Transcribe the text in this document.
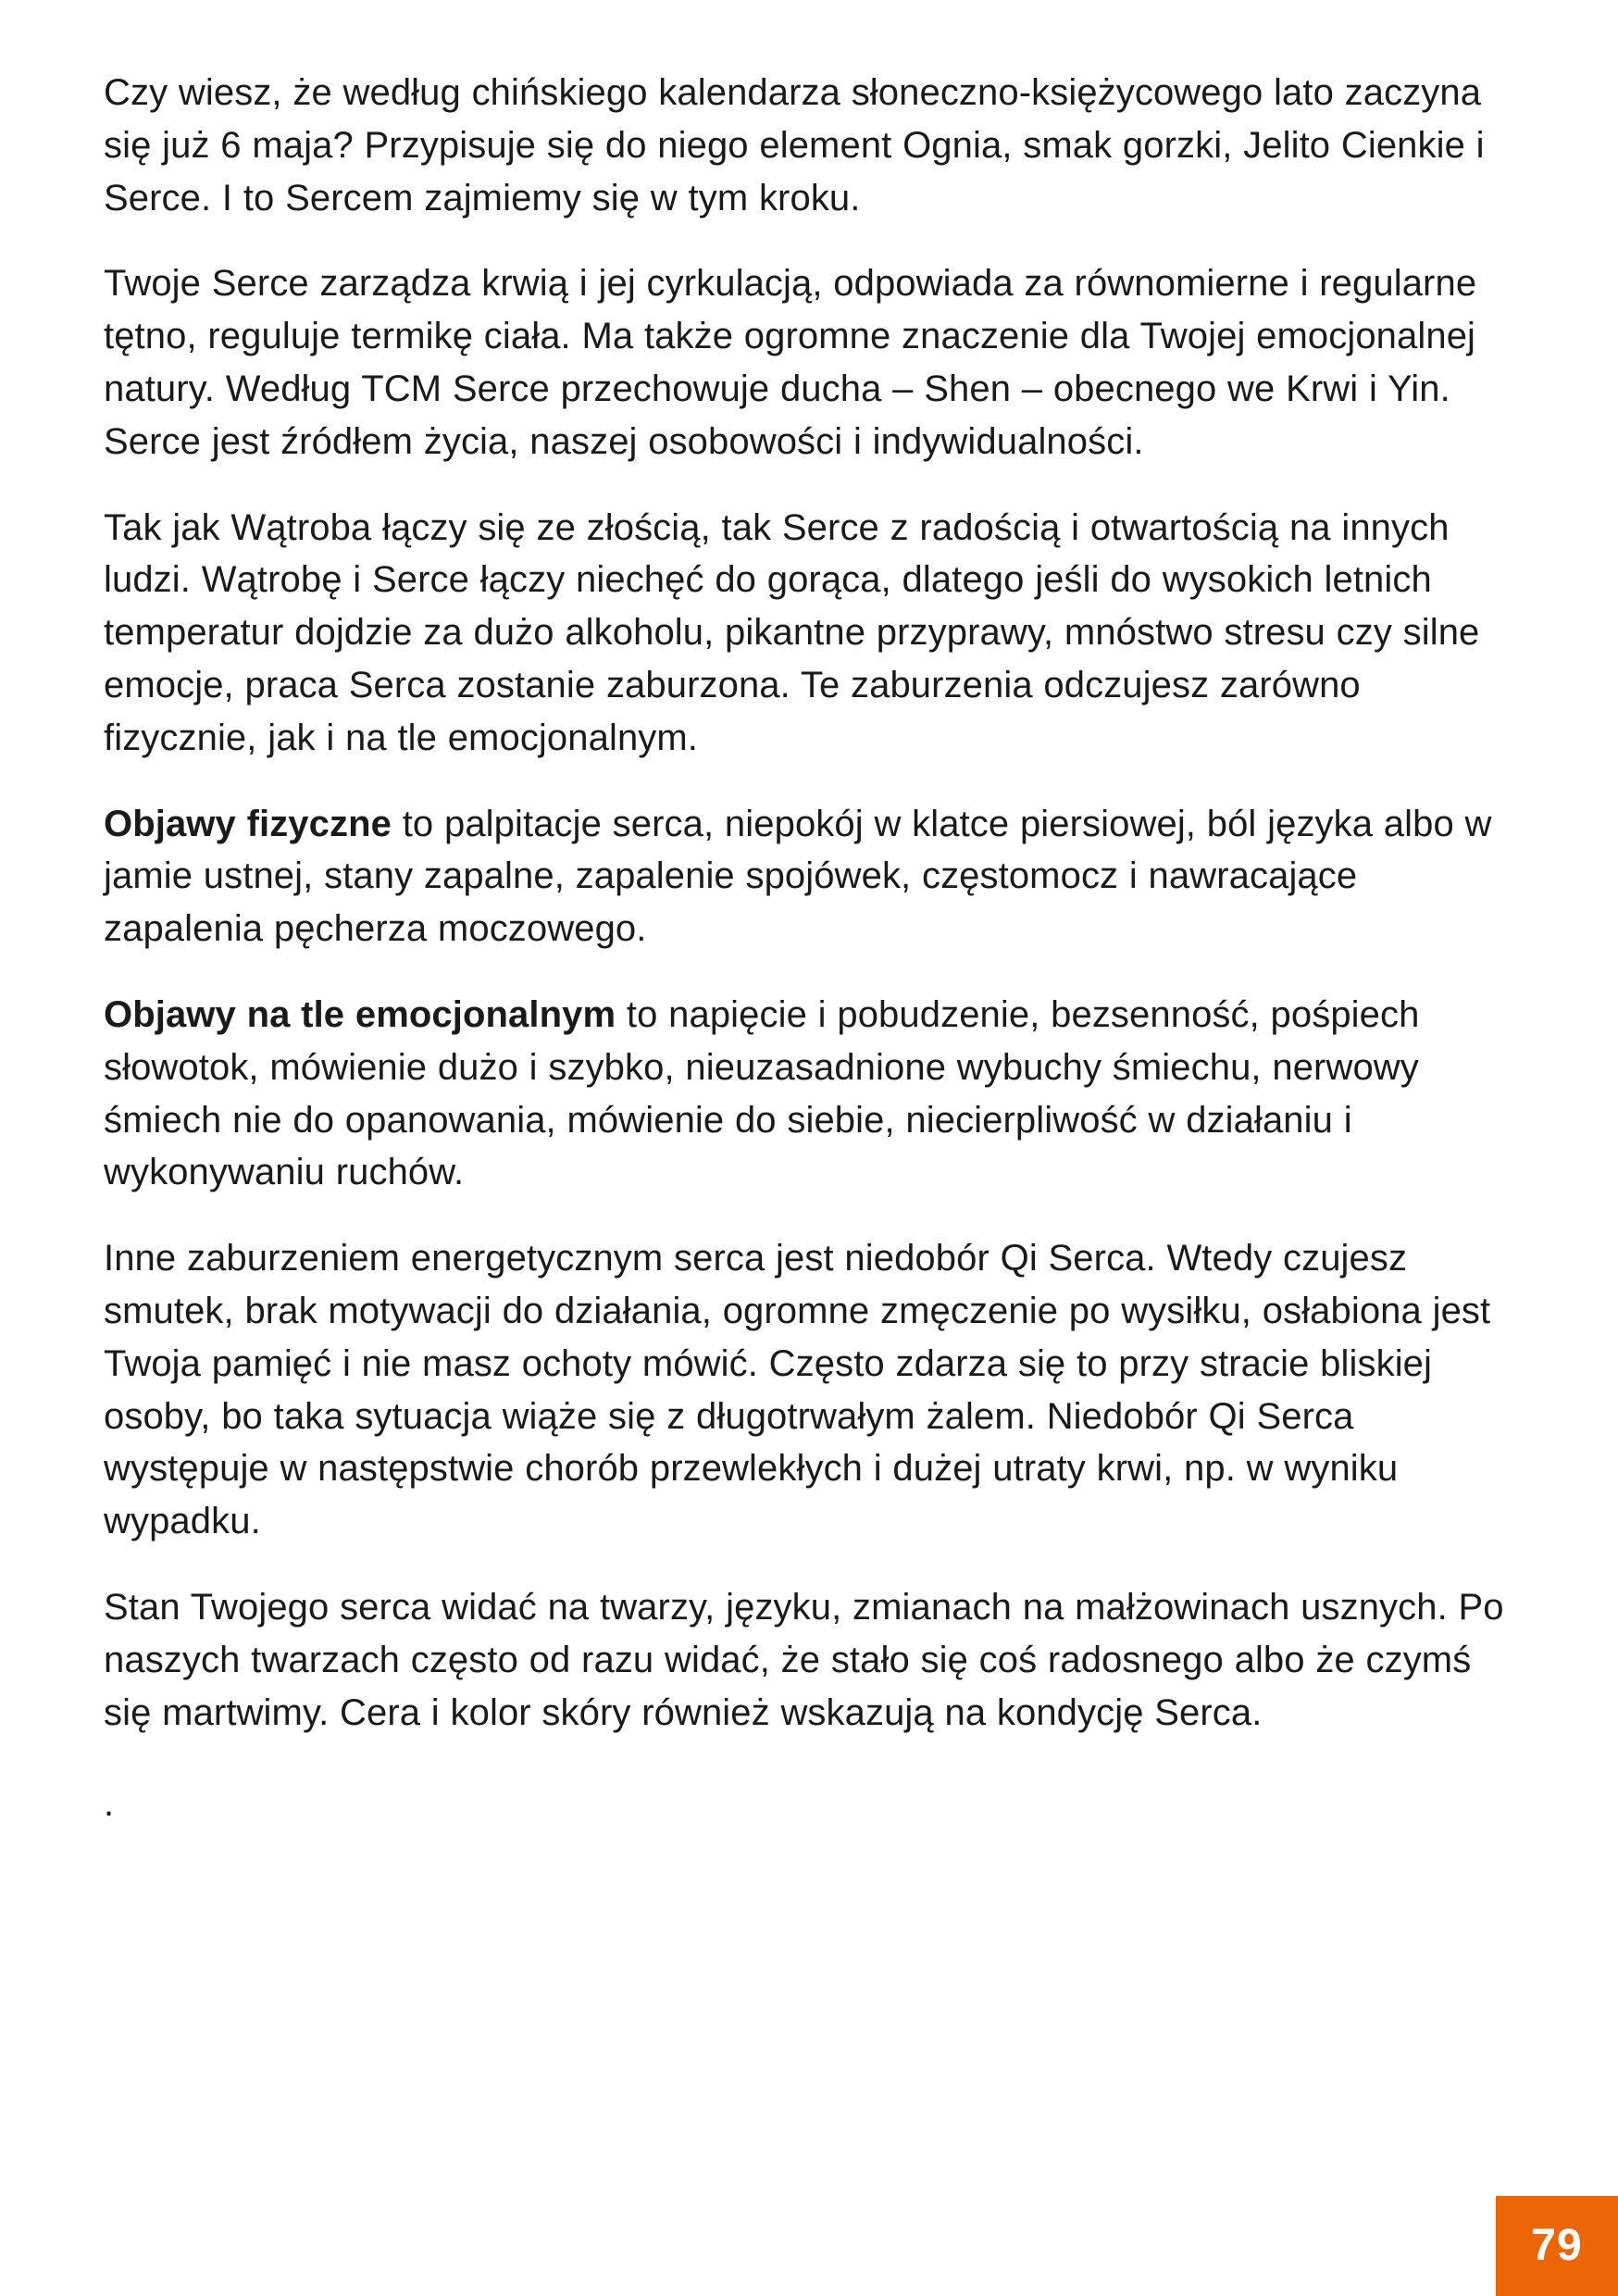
Czy wiesz, że według chińskiego kalendarza słoneczno-księżycowego lato zaczyna się już 6 maja? Przypisuje się do niego element Ognia, smak gorzki, Jelito Cienkie i Serce. I to Sercem zajmiemy się w tym kroku.

Twoje Serce zarządza krwią i jej cyrkulacją, odpowiada za równomierne i regularne tętno, reguluje termikę ciała. Ma także ogromne znaczenie dla Twojej emocjonalnej natury. Według TCM Serce przechowuje ducha – Shen – obecnego we Krwi i Yin. Serce jest źródłem życia, naszej osobowości i indywidualności.

Tak jak Wątroba łączy się ze złością, tak Serce z radością i otwartością na innych ludzi. Wątrobę i Serce łączy niechęć do gorąca, dlatego jeśli do wysokich letnich temperatur dojdzie za dużo alkoholu, pikantne przyprawy, mnóstwo stresu czy silne emocje, praca Serca zostanie zaburzona. Te zaburzenia odczujesz zarówno fizycznie, jak i na tle emocjonalnym.

Objawy fizyczne to palpitacje serca, niepokój w klatce piersiowej, ból języka albo w jamie ustnej, stany zapalne, zapalenie spojówek, częstomocz i nawracające zapalenia pęcherza moczowego.

Objawy na tle emocjonalnym to napięcie i pobudzenie, bezsenność, pośpiech słowotok, mówienie dużo i szybko, nieuzasadnione wybuchy śmiechu, nerwowy śmiech nie do opanowania, mówienie do siebie, niecierpliwość w działaniu i wykonywaniu ruchów.

Inne zaburzeniem energetycznym serca jest niedobór Qi Serca. Wtedy czujesz smutek, brak motywacji do działania, ogromne zmęczenie po wysiłku, osłabiona jest Twoja pamięć i nie masz ochoty mówić. Często zdarza się to przy stracie bliskiej osoby, bo taka sytuacja wiąże się z długotrwałym żalem. Niedobór Qi Serca występuje w następstwie chorób przewlekłych i dużej utraty krwi, np. w wyniku wypadku.

Stan Twojego serca widać na twarzy, języku, zmianach na małżowinach usznych. Po naszych twarzach często od razu widać, że stało się coś radosnego albo że czymś się martwimy. Cera i kolor skóry również wskazują na kondycję Serca.

.

79
